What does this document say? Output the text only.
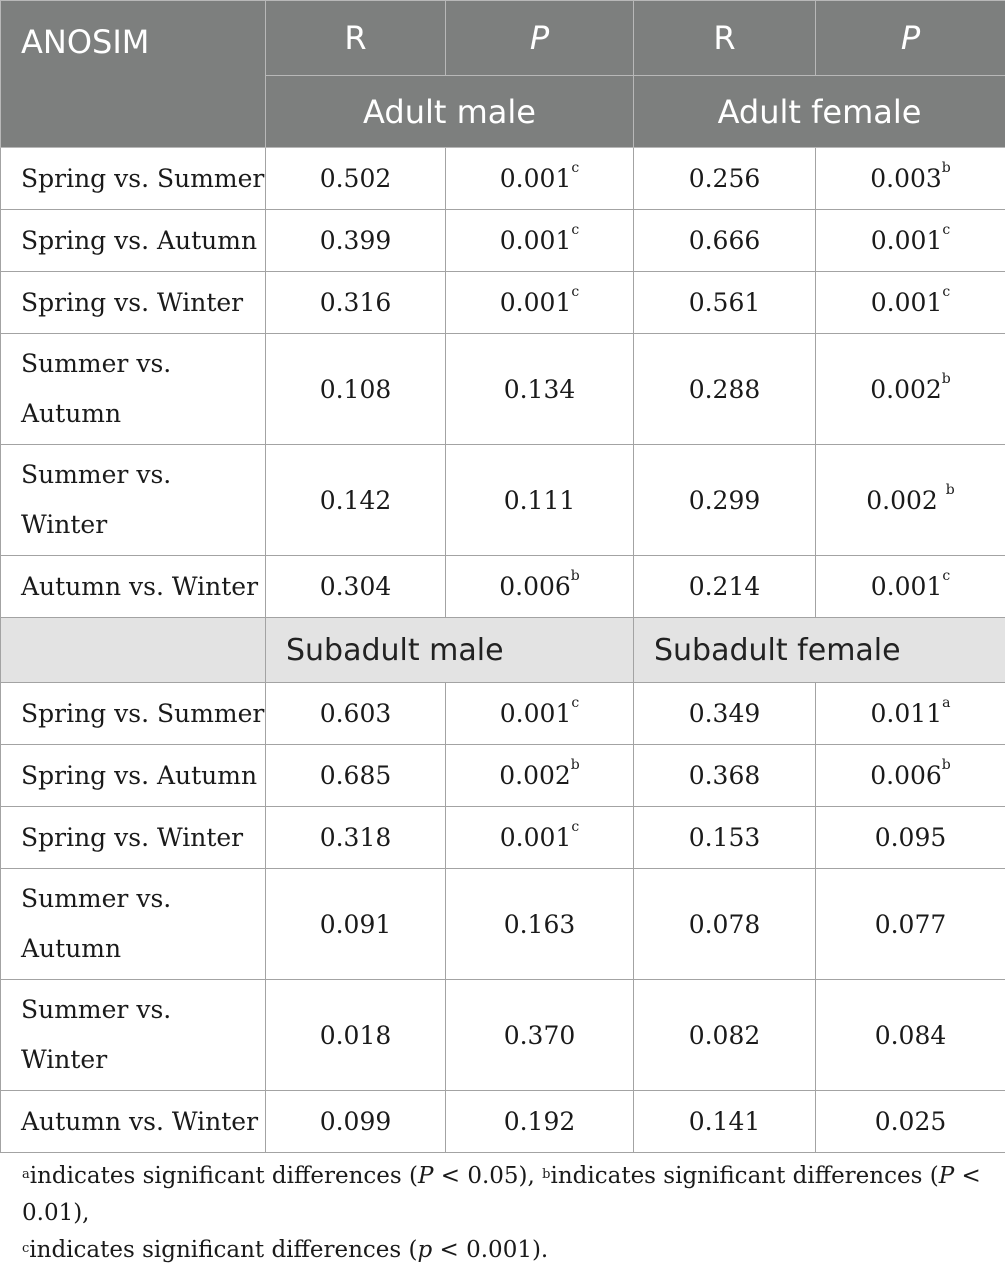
ANOSIM	R	P	R	P
	Adult male		Adult female	
Spring vs. Summer	0.502	0.001$^c$	0.256	0.003$^b$
Spring vs. Autumn	0.399	0.001$^c$	0.666	0.001$^c$
Spring vs. Winter	0.316	0.001$^c$	0.561	0.001$^c$
Summer vs. Autumn	0.108	0.134	0.288	0.002$^b$
Summer vs. Winter	0.142	0.111	0.299	0.002 $^b$
Autumn vs. Winter	0.304	0.006$^b$	0.214	0.001$^c$
	Subadult male		Subadult female	
Spring vs. Summer	0.603	0.001$^c$	0.349	0.011$^a$
Spring vs. Autumn	0.685	0.002$^b$	0.368	0.006$^b$
Spring vs. Winter	0.318	0.001$^c$	0.153	0.095
Summer vs. Autumn	0.091	0.163	0.078	0.077
Summer vs. Winter	0.018	0.370	0.082	0.084
Autumn vs. Winter	0.099	0.192	0.141	0.025
$^a$indicates significant differences (P < 0.05), $^b$indicates significant differences (P < 0.01),
$^c$indicates significant differences (p < 0.001).
